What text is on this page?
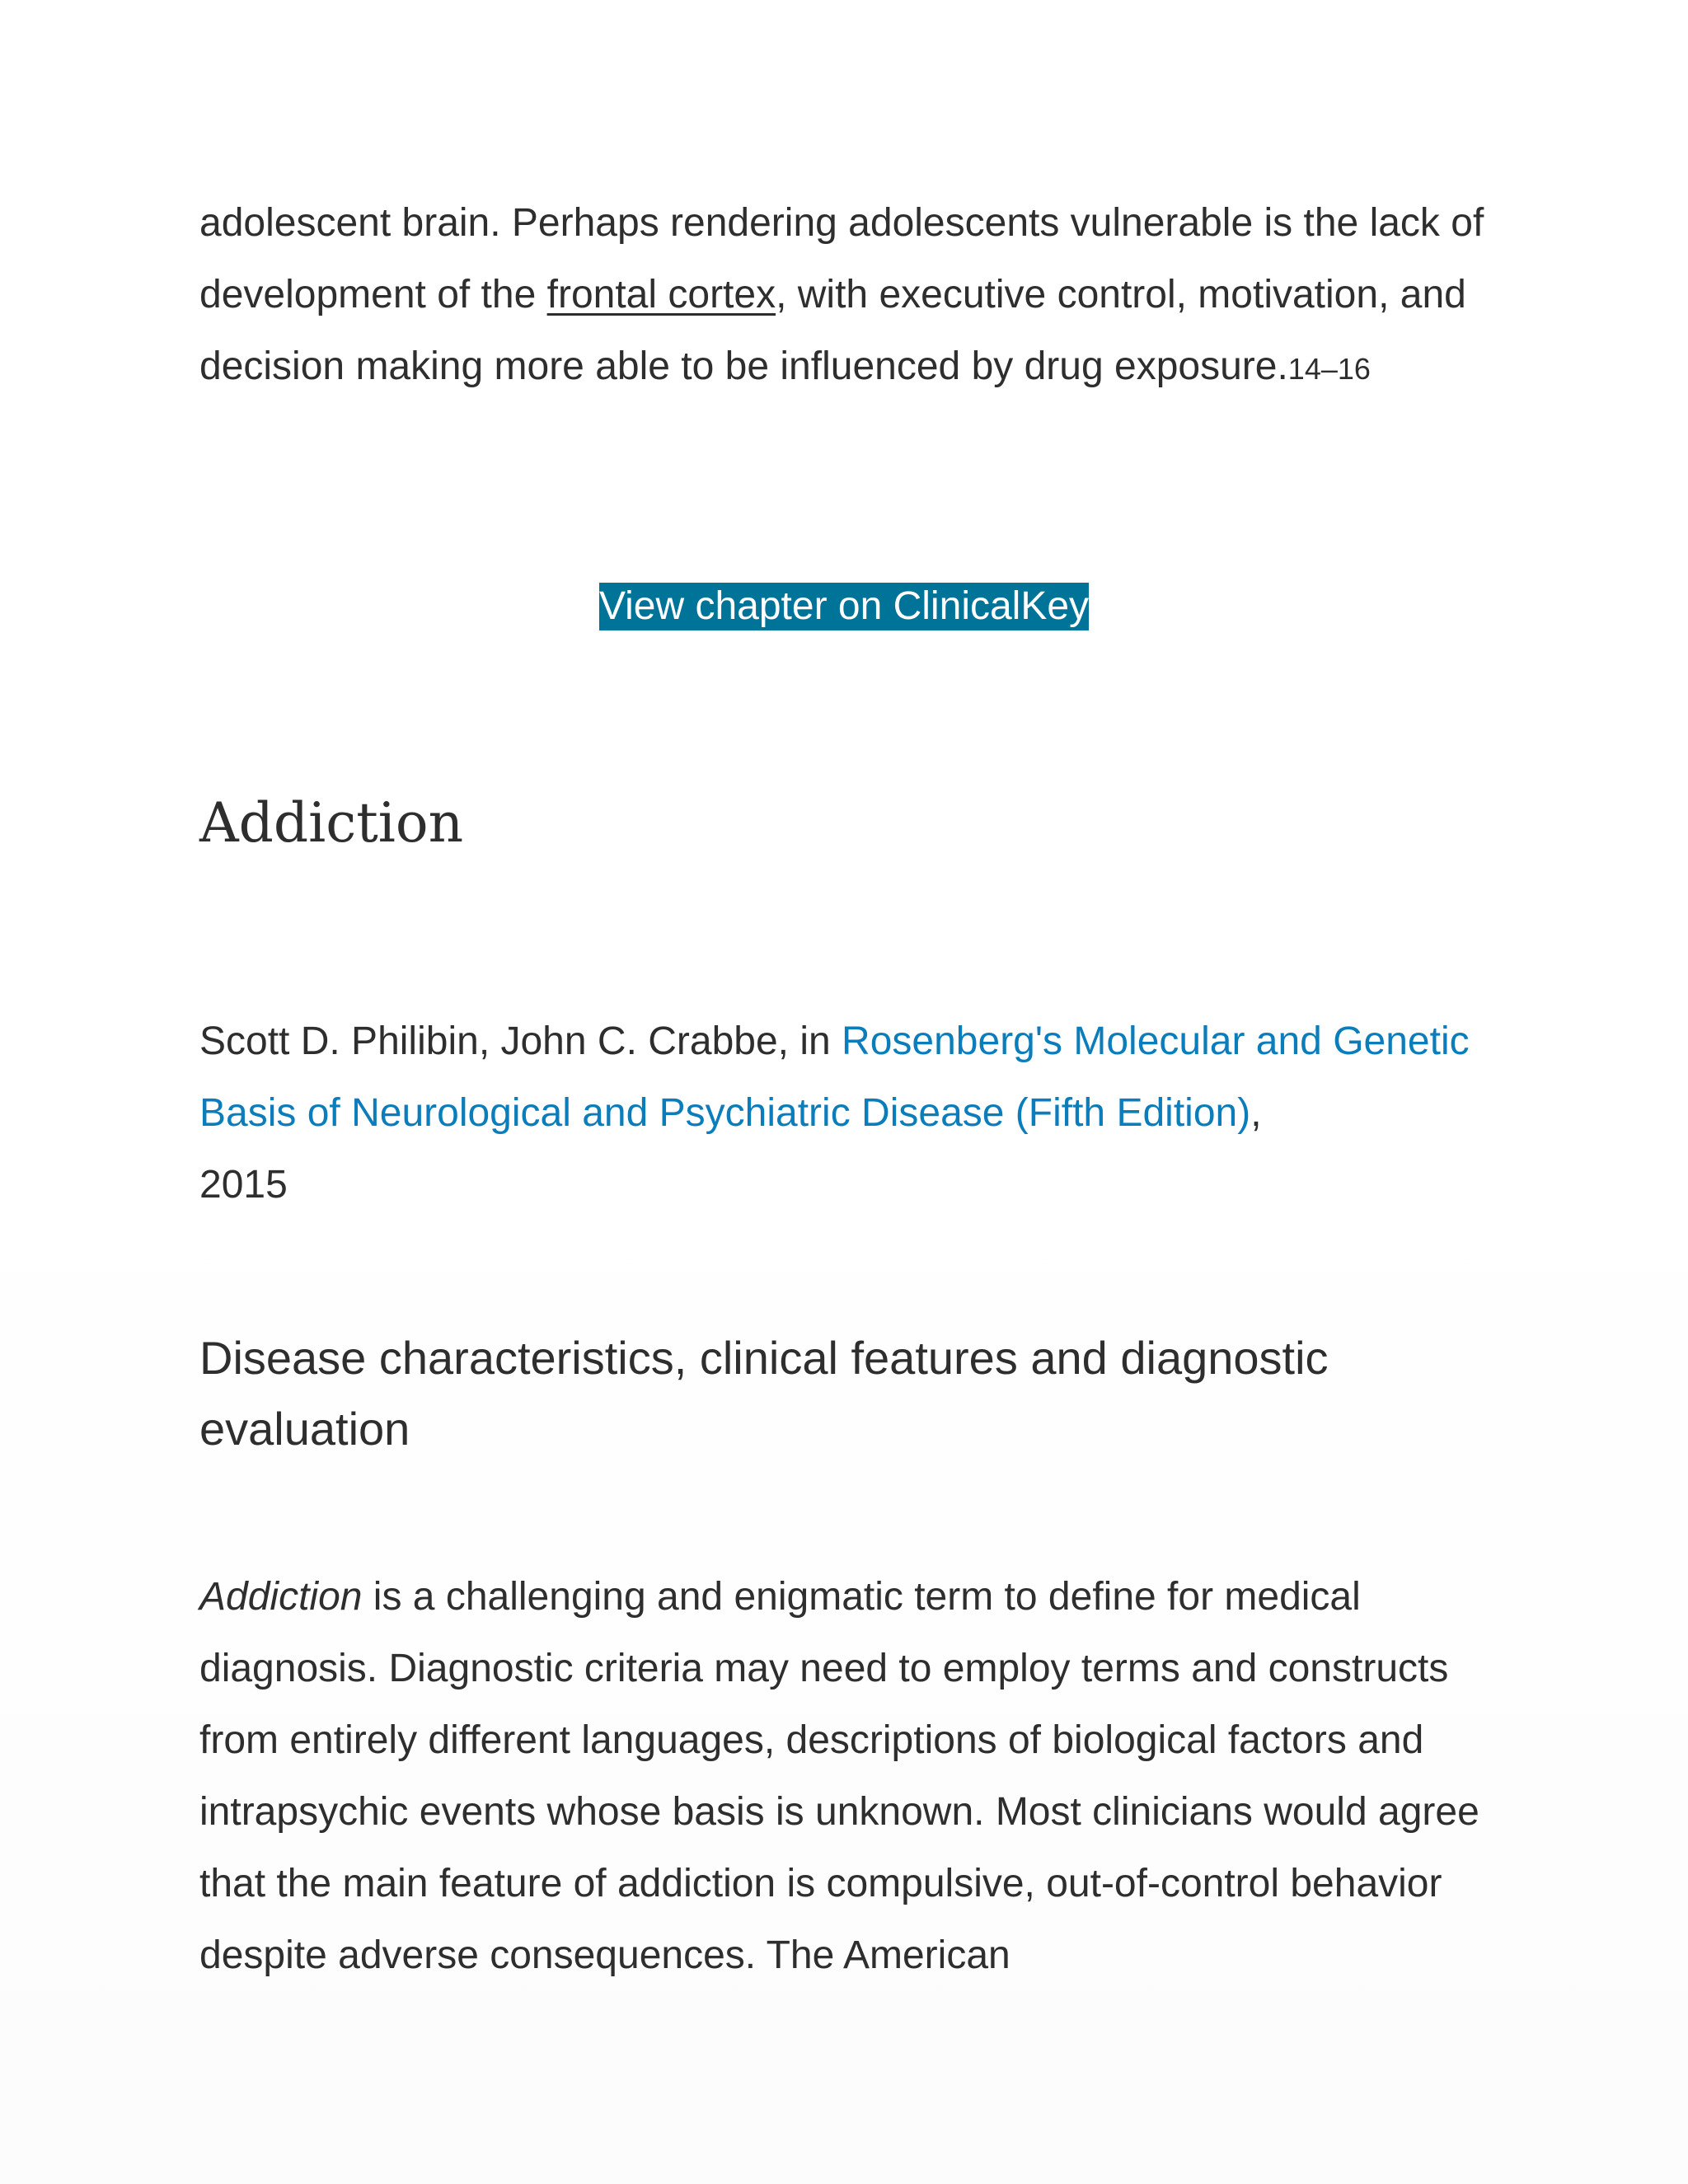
adolescent brain. Perhaps rendering adolescents vulnerable is the lack of development of the frontal cortex, with executive control, motivation, and decision making more able to be influenced by drug exposure.14–16

View chapter on ClinicalKey
Addiction

Scott D. Philibin, John C. Crabbe, in Rosenberg's Molecular and Genetic Basis of Neurological and Psychiatric Disease (Fifth Edition),
2015

Disease characteristics, clinical features and diagnostic evaluation

Addiction is a challenging and enigmatic term to define for medical diagnosis. Diagnostic criteria may need to employ terms and constructs from entirely different languages, descriptions of biological factors and intrapsychic events whose basis is unknown. Most clinicians would agree that the main feature of addiction is compulsive, out-of-control behavior despite adverse consequences. The American
